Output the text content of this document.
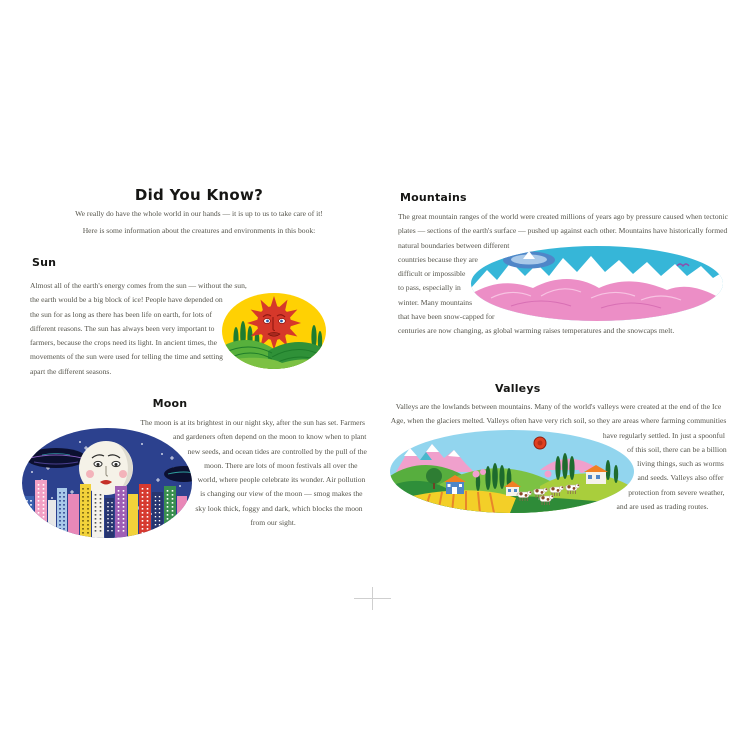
Did You Know?

We really do have the whole world in our hands — it is up to us to take care of it!

Here is some information about the creatures and environments in this book:

Sun
Almost all of the earth's energy comes from the sun — without the sun, the earth would be a big block of ice! People have depended on the sun for as long as there has been life on earth, for lots of different reasons. The sun has always been very important to farmers, because the crops need its light. In ancient times, the movements of the sun were used for telling the time and setting apart the different seasons.
Moon
The moon is at its brightest in our night sky, after the sun has set. Farmers and gardeners often depend on the moon to know when to plant new seeds, and ocean tides are controlled by the pull of the moon. There are lots of moon festivals all over the world, where people celebrate its wonder. Air pollution is changing our view of the moon — smog makes the sky look thick, foggy and dark, which blocks the moon from our sight.
Mountains
The great mountain ranges of the world were created millions of years ago by pressure caused when tectonic plates — sections of the earth's surface — pushed up against each other. Mountains have historically formed natural boundaries between different countries because they are difficult or impossible to pass, especially in winter. Many mountains that have been snow-capped for centuries are now changing, as global warming raises temperatures and the snowcaps melt.
Valleys
Valleys are the lowlands between mountains. Many of the world's valleys were created at the end of the Ice Age, when the glaciers melted. Valleys often have very rich soil, so they are areas where farming communities have regularly settled. In just a spoonful of this soil, there can be a billion living things, such as worms and seeds. Valleys also offer protection from severe weather, and are used as trading routes.
